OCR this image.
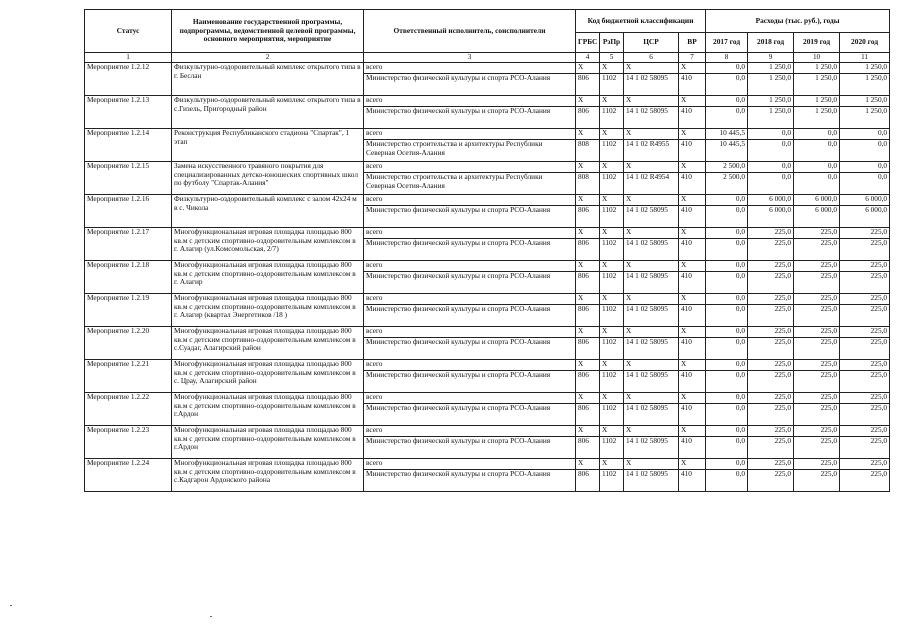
Статус	Наименование государственной программы, подпрограммы, ведомственной целевой программы, основного мероприятия, мероприятие	Ответственный исполнитель, соисполнители	Код бюджетной классификации				Расходы (тыс. руб.), годы			
			ГРБС	РзПр	ЦСР	ВР	2017 год	2018 год	2019 год	2020 год
1	2	3	4	5	6	7	8	9	10	11
Мероприятие 1.2.12	Физкультурно-оздоровительный комплекс открытого типа в г. Беслан	всего	X	X	X	X	0,0	1 250,0	1 250,0	1 250,0
		Министерство физической культуры и спорта РСО-Алания	806	1102	14 1 02 58095	410	0,0	1 250,0	1 250,0	1 250,0
Мероприятие 1.2.13	Физкультурно-оздоровительный комплекс открытого типа в с.Гизель, Пригородный район	всего	X	X	X	X	0,0	1 250,0	1 250,0	1 250,0
		Министерство физической культуры и спорта РСО-Алания	806	1102	14 1 02 58095	410	0,0	1 250,0	1 250,0	1 250,0
Мероприятие 1.2.14	Реконструкция Республиканского стадиона "Спартак", 1 этап	всего	X	X	X	X	10 445,5	0,0	0,0	0,0
		Министерство строительства и архитектуры Республики Северная Осетия-Алания	808	1102	14 1 02 R4955	410	10 445,5	0,0	0,0	0,0
Мероприятие 1.2.15	Замена искусственного травяного покрытия для специализированных детско-юношеских спортивных школ по футболу "Спартак-Алания"	всего	X	X	X	X	2 500,0	0,0	0,0	0,0
		Министерство строительства и архитектуры Республики Северная Осетия-Алания	808	1102	14 1 02 R4954	410	2 500,0	0,0	0,0	0,0
Мероприятие 1.2.16	Физкультурно-оздоровительный комплекс с залом 42х24 м в с. Чикола	всего	X	X	X	X	0,0	6 000,0	6 000,0	6 000,0
		Министерство физической культуры и спорта РСО-Алания	806	1102	14 1 02 58095	410	0,0	6 000,0	6 000,0	6 000,0
Мероприятие 1.2.17	Многофункциональная игровая площадка площадью 800 кв.м с детским спортивно-оздоровительным комплексом в г. Алагир (ул.Комсомольская, 2/7)	всего	X	X	X	X	0,0	225,0	225,0	225,0
		Министерство физической культуры и спорта РСО-Алания	806	1102	14 1 02 58095	410	0,0	225,0	225,0	225,0
Мероприятие 1.2.18	Многофункциональная игровая площадка площадью 800 кв.м с детским спортивно-оздоровительным комплексом в г. Алагир	всего	X	X	X	X	0,0	225,0	225,0	225,0
		Министерство физической культуры и спорта РСО-Алания	806	1102	14 1 02 58095	410	0,0	225,0	225,0	225,0
Мероприятие 1.2.19	Многофункциональная игровая площадка площадью 800 кв.м с детским спортивно-оздоровительным комплексом в г. Алагир (квартал Энергетиков /18 )	всего	X	X	X	X	0,0	225,0	225,0	225,0
		Министерство физической культуры и спорта РСО-Алания	806	1102	14 1 02 58095	410	0,0	225,0	225,0	225,0
Мероприятие 1.2.20	Многофункциональная игровая площадка площадью 800 кв.м с детским спортивно-оздоровительным комплексом в с.Суадаг, Алагирский район	всего	X	X	X	X	0,0	225,0	225,0	225,0
		Министерство физической культуры и спорта РСО-Алания	806	1102	14 1 02 58095	410	0,0	225,0	225,0	225,0
Мероприятие 1.2.21	Многофункциональная игровая площадка площадью 800 кв.м с детским спортивно-оздоровительным комплексом в с. Црау, Алагирский район	всего	X	X	X	X	0,0	225,0	225,0	225,0
		Министерство физической культуры и спорта РСО-Алания	806	1102	14 1 02 58095	410	0,0	225,0	225,0	225,0
Мероприятие 1.2.22	Многофункциональная игровая площадка площадью 800 кв.м с детским спортивно-оздоровительным комплексом в г.Ардон	всего	X	X	X	X	0,0	225,0	225,0	225,0
		Министерство физической культуры и спорта РСО-Алания	806	1102	14 1 02 58095	410	0,0	225,0	225,0	225,0
Мероприятие 1.2.23	Многофункциональная игровая площадка площадью 800 кв.м с детским спортивно-оздоровительным комплексом в г.Ардон	всего	X	X	X	X	0,0	225,0	225,0	225,0
		Министерство физической культуры и спорта РСО-Алания	806	1102	14 1 02 58095	410	0,0	225,0	225,0	225,0
Мероприятие 1.2.24	Многофункциональная игровая площадка площадью 800 кв.м с детским спортивно-оздоровительным комплексом в с.Кадгарон Ардонского района	всего	X	X	X	X	0,0	225,0	225,0	225,0
		Министерство физической культуры и спорта РСО-Алания	806	1102	14 1 02 58095	410	0,0	225,0	225,0	225,0
